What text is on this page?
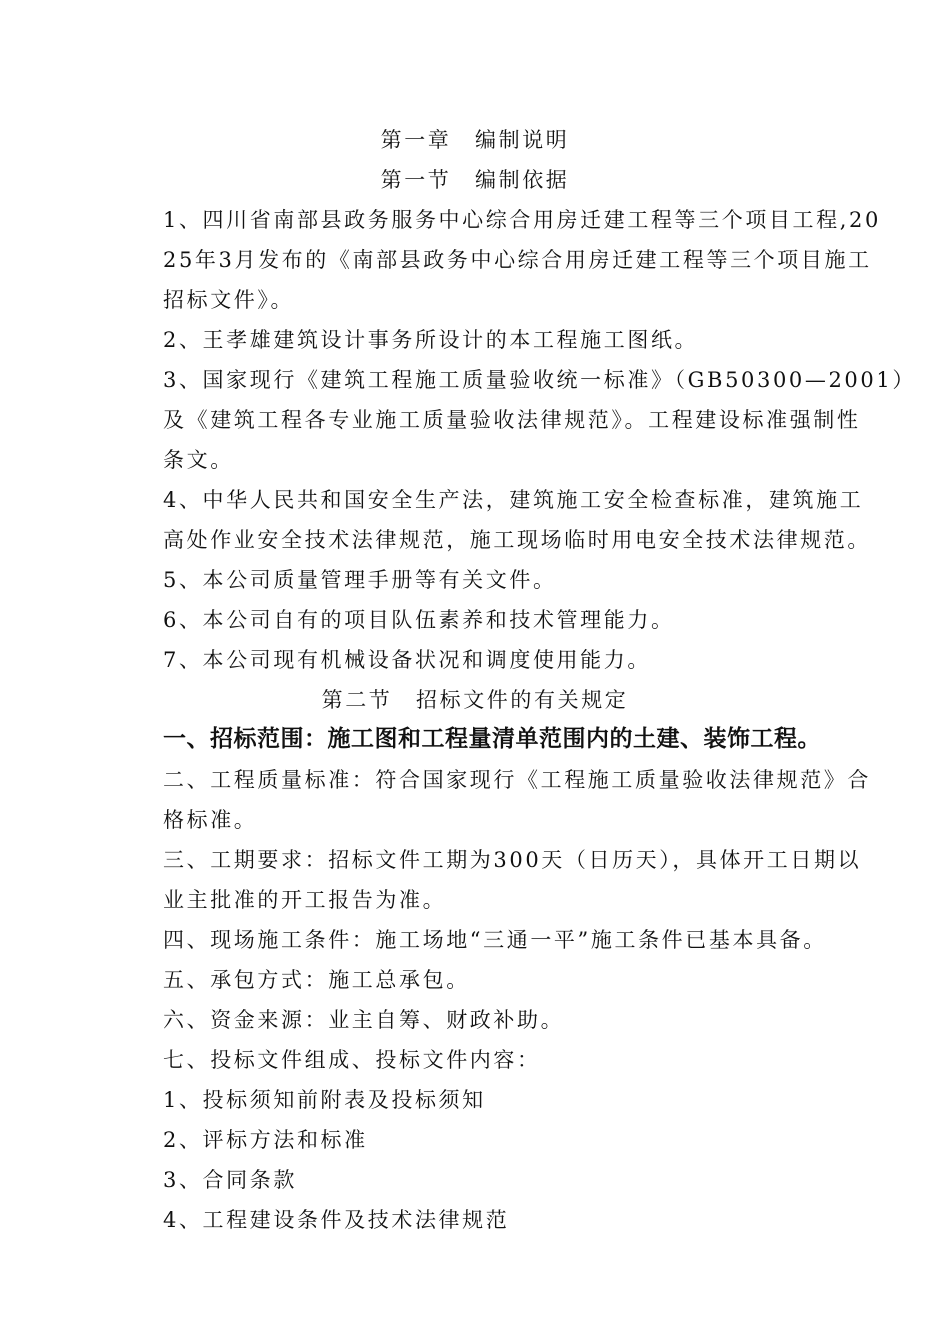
第一章　编制说明
第一节　编制依据
1、四川省南部县政务服务中心综合用房迁建工程等三个项目工程,20
25年3月发布的《南部县政务中心综合用房迁建工程等三个项目施工
招标文件》。
2、王孝雄建筑设计事务所设计的本工程施工图纸。
3、国家现行《建筑工程施工质量验收统一标准》（GB50300—2001）
及《建筑工程各专业施工质量验收法律规范》。工程建设标准强制性
条文。
4、中华人民共和国安全生产法，建筑施工安全检查标准，建筑施工
高处作业安全技术法律规范，施工现场临时用电安全技术法律规范。
5、本公司质量管理手册等有关文件。
6、本公司自有的项目队伍素养和技术管理能力。
7、本公司现有机械设备状况和调度使用能力。
第二节　招标文件的有关规定
一、招标范围：施工图和工程量清单范围内的土建、装饰工程。
二、工程质量标准：符合国家现行《工程施工质量验收法律规范》合
格标准。
三、工期要求：招标文件工期为300天（日历天），具体开工日期以
业主批准的开工报告为准。
四、现场施工条件：施工场地“三通一平”施工条件已基本具备。
五、承包方式：施工总承包。
六、资金来源：业主自筹、财政补助。
七、投标文件组成、投标文件内容：
1、投标须知前附表及投标须知
2、评标方法和标准
3、合同条款
4、工程建设条件及技术法律规范
